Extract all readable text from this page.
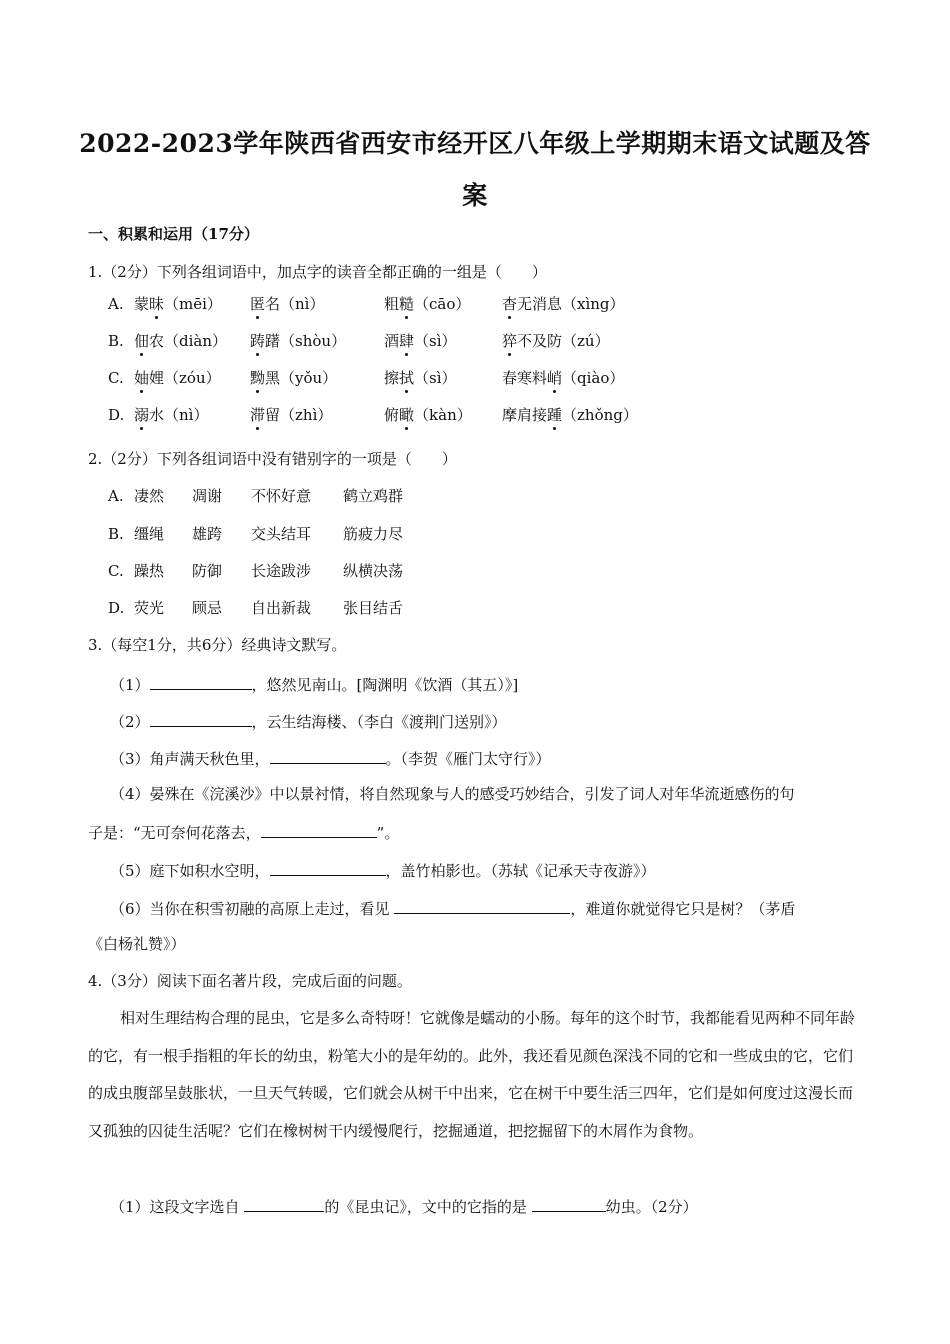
2022-2023学年陕西省西安市经开区八年级上学期期末语文试题及答
案
一、积累和运用（17分）
1.（2分）下列各组词语中，加点字的读音全都正确的一组是（　　）
A. 蒙昧（mēi） 匿名（nì）	粗糙（cāo） 杳无消息（xìng）
B. 佃农（diàn） 踌躇（shòu）	酒肆（sì）	猝不及防（zú）
C. 妯娌（zóu） 黝黑（yǒu）	擦拭（sì）	春寒料峭（qiào）
D. 溺水（nì）	滞留（zhì）	俯瞰（kàn） 摩肩接踵（zhǒng）
2.（2分）下列各组词语中没有错别字的一项是（　　）
A. 凄然 凋谢 不怀好意 鹤立鸡群
B. 缰绳 雄跨 交头结耳 筋疲力尽
C. 躁热 防御 长途跋涉 纵横决荡
D. 荧光 顾忌 自出新裁 张目结舌
3.（每空1分，共6分）经典诗文默写。
（1）	，悠然见南山。[陶渊明《饮酒（其五）》]
（2）	，云生结海楼、（李白《渡荆门送别》）
（3）角声满天秋色里，	。（李贺《雁门太守行》）
（4）晏殊在《浣溪沙》中以景衬情，将自然现象与人的感受巧妙结合，引发了词人对年华流逝感伤的句
子是：“无可奈何花落去，	”。
（5）庭下如积水空明，	，盖竹柏影也。（苏轼《记承天寺夜游》）
（6）当你在积雪初融的高原上走过，看见	，难道你就觉得它只是树？（茅盾
《白杨礼赞》）
4.（3分）阅读下面名著片段，完成后面的问题。
相对生理结构合理的昆虫，它是多么奇特呀！它就像是蠕动的小肠。每年的这个时节，我都能看见两种不同年龄的它，有一根手指粗的年长的幼虫，粉笔大小的是年幼的。此外，我还看见颜色深浅不同的它和一些成虫的它，它们的成虫腹部呈鼓胀状，一旦天气转暖，它们就会从树干中出来，它在树干中要生活三四年，它们是如何度过这漫长而又孤独的囚徒生活呢？它们在橡树树干内缓慢爬行，挖掘通道，把挖掘留下的木屑作为食物。
（1）这段文字选自	的《昆虫记》，文中的它指的是	幼虫。（2分）
